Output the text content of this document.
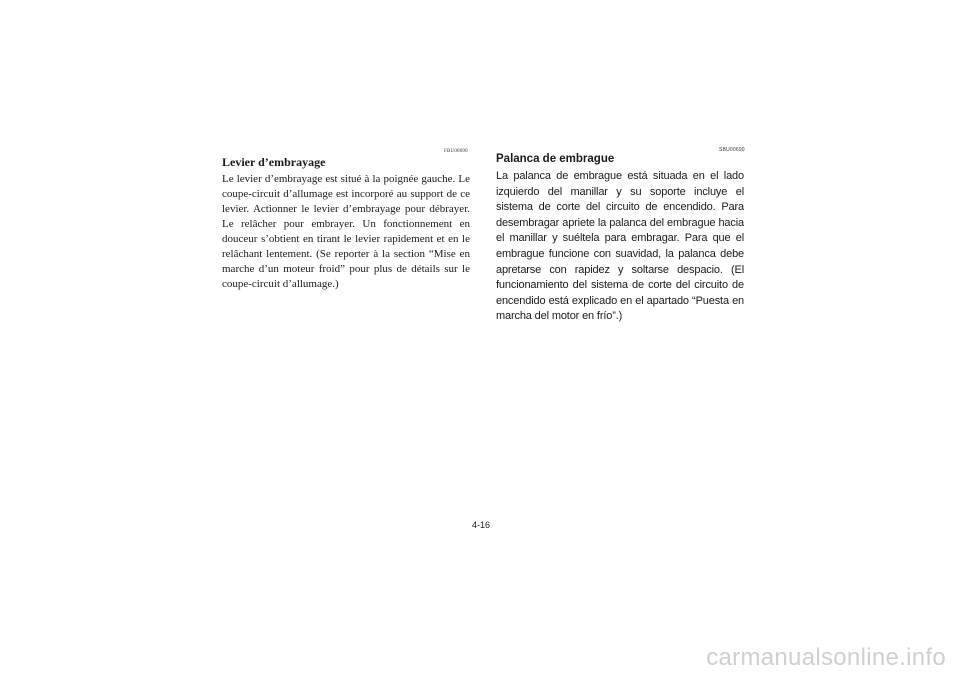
FBU00690
Levier d’embrayage

Le levier d’embrayage est situé à la poignée gauche. Le coupe-circuit d’allumage est incorporé au support de ce levier. Actionner le levier d’embrayage pour débrayer. Le relâcher pour embrayer. Un fonctionnement en douceur s’obtient en tirant le levier rapidement et en le relâchant lentement. (Se reporter à la section “Mise en marche d’un moteur froid” pour plus de détails sur le coupe-circuit d’allumage.)

SBU00690
Palanca de embrague

La palanca de embrague está situada en el lado izquierdo del manillar y su soporte incluye el sistema de corte del circuito de encendido. Para desembragar apriete la palanca del embrague hacia el manillar y suéltela para embragar. Para que el embrague funcione con suavidad, la palanca debe apretarse con rapidez y soltarse despacio. (El funcionamiento del sistema de corte del circuito de encendido está explicado en el apartado “Puesta en marcha del motor en frío”.)

4-16
carmanualsonline.info
